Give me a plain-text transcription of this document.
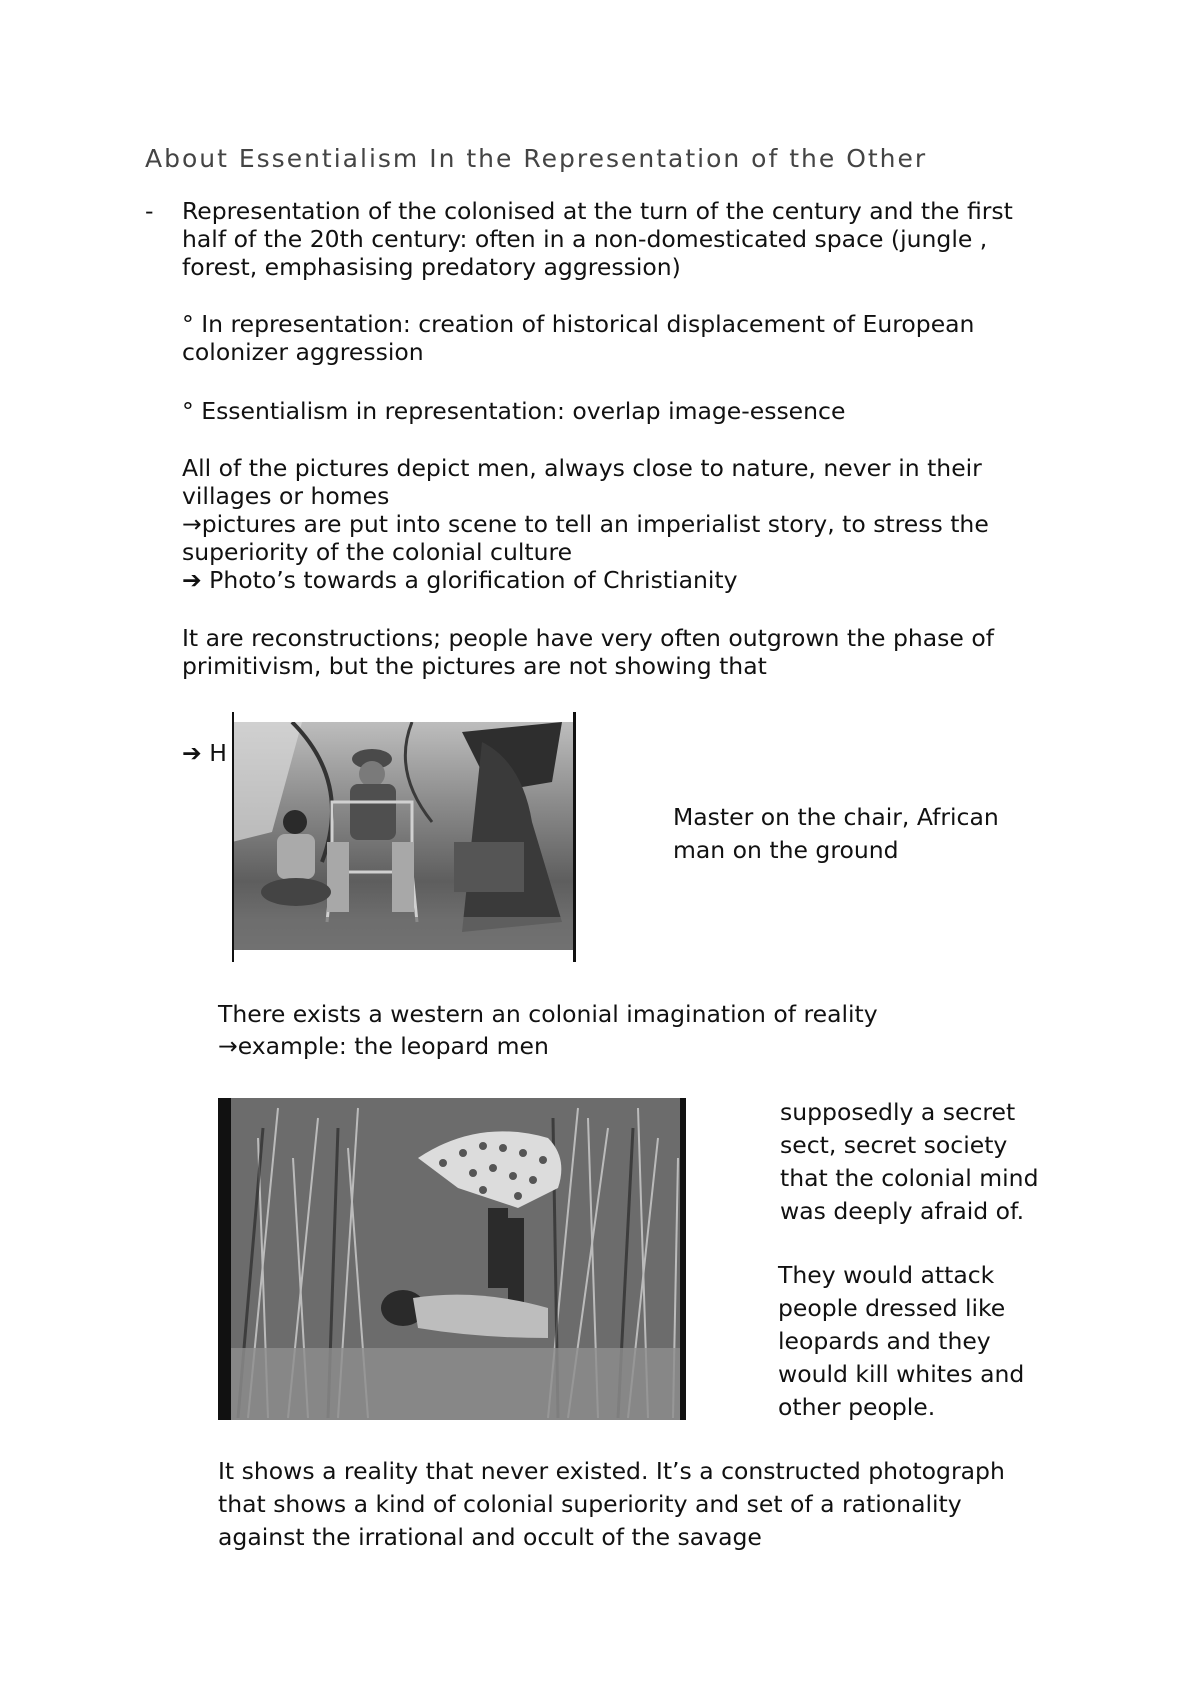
About Essentialism In the Representation of the Other
- Representation of the colonised at the turn of the century and the first
half of the 20th century: often in a non-domesticated space (jungle ,
forest, emphasising predatory aggression)
° In representation: creation of historical displacement of European
colonizer aggression
° Essentialism in representation: overlap image-essence
All of the pictures depict men, always close to nature, never in their
villages or homes
→pictures are put into scene to tell an imperialist story, to stress the
superiority of the colonial culture
➔ Photo’s towards a glorification of Christianity
It are reconstructions; people have very often outgrown the phase of
primitivism, but the pictures are not showing that
➔ H
Master on the chair, African
man on the ground
There exists a western an colonial imagination of reality
→example: the leopard men
supposedly a secret
sect, secret society
that the colonial mind
was deeply afraid of.
They would attack
people dressed like
leopards and they
would kill whites and
other people.
It shows a reality that never existed. It’s a constructed photograph
that shows a kind of colonial superiority and set of a rationality
against the irrational and occult of the savage
